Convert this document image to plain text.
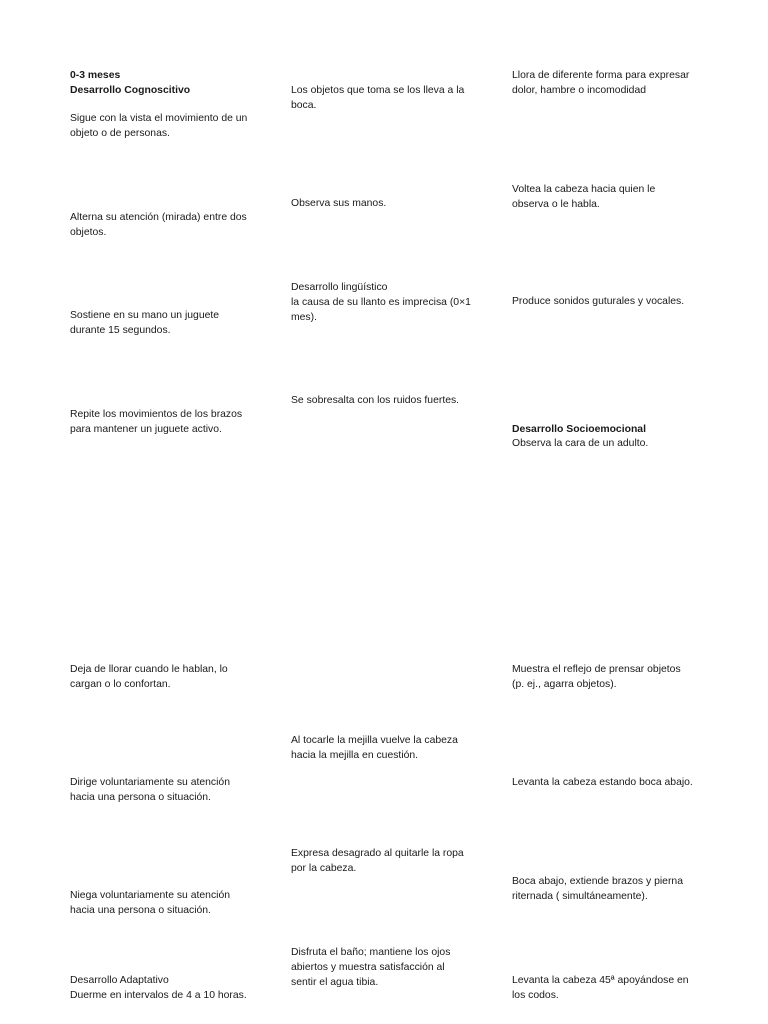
0-3 meses
Desarrollo Cognoscitivo
Sigue con la vista el movimiento de un
objeto o de personas.
Alterna su atención (mirada) entre dos
objetos.
Sostiene en su mano un juguete
durante 15 segundos.
Repite los movimientos de los brazos
para mantener un juguete activo.
Deja de llorar cuando le hablan, lo
cargan o lo confortan.
Dirige voluntariamente su atención
hacia una persona o situación.
Niega voluntariamente su atención
hacia una persona o situación.
Desarrollo Adaptativo
Duerme en intervalos de 4 a 10 horas.
Los objetos que toma se los lleva a la
boca.
Observa sus manos.
Desarrollo lingüístico
la causa de su llanto es imprecisa (0×1
mes).
Se sobresalta con los ruidos fuertes.
Al tocarle la mejilla vuelve la cabeza
hacia la mejilla en cuestión.
Expresa desagrado al quitarle la ropa
por la cabeza.
Disfruta el baño; mantiene los ojos
abiertos y muestra satisfacción al
sentir el agua tibia.
Llora de diferente forma para expresar
dolor, hambre o incomodidad
Voltea la cabeza hacia quien le
observa o le habla.
Produce sonidos guturales y vocales.
Desarrollo Socioemocional
Observa la cara de un adulto.
Muestra el reflejo de prensar objetos
(p. ej., agarra objetos).
Levanta la cabeza estando boca abajo.
Boca abajo, extiende brazos y pierna
riternada ( simultáneamente).
Levanta la cabeza 45ª apoyándose en
los codos.
